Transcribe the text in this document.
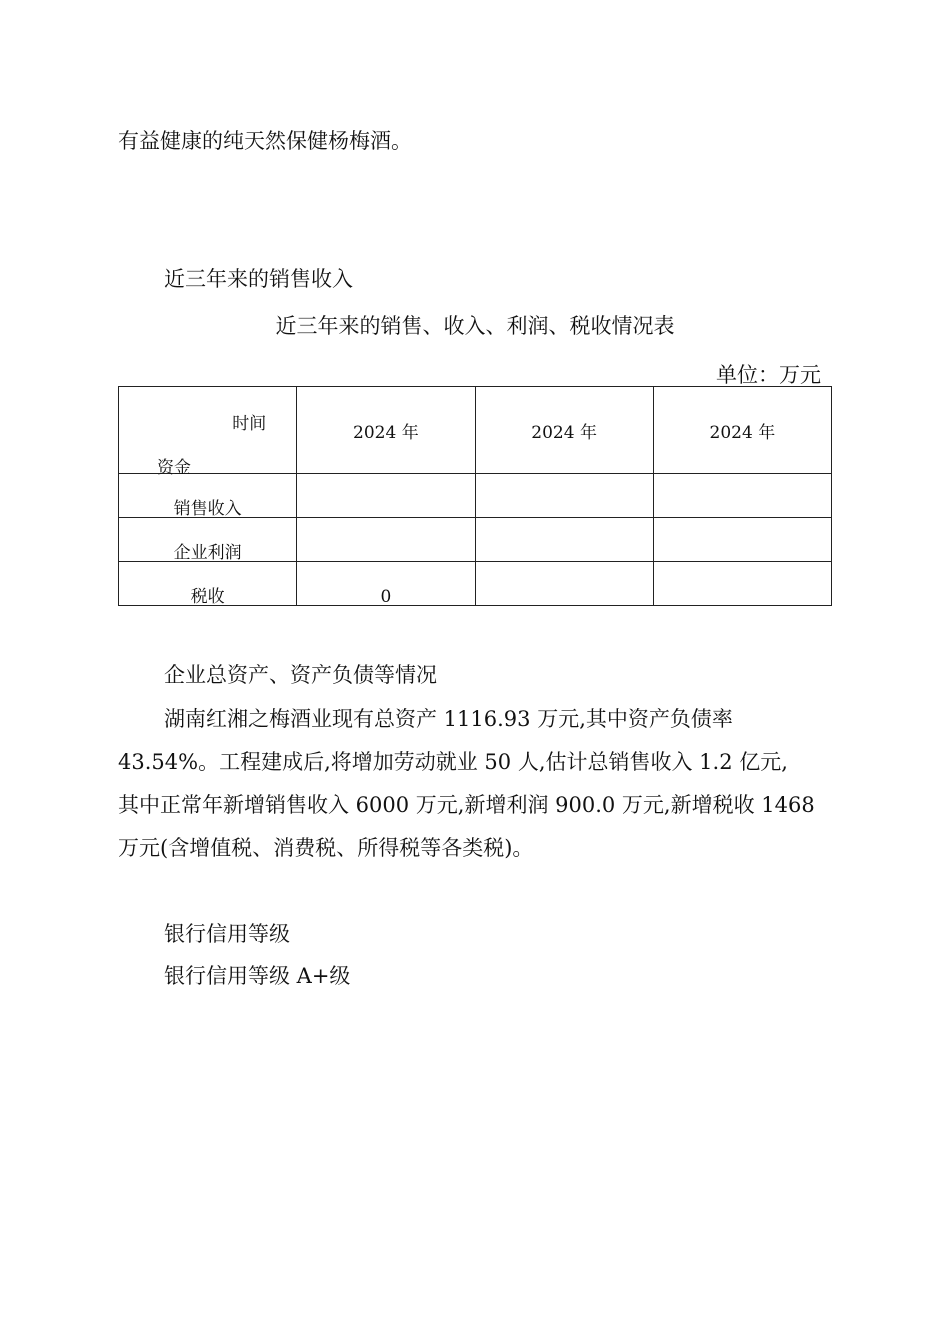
有益健康的纯天然保健杨梅酒。

近三年来的销售收入

近三年来的销售、收入、利润、税收情况表

单位：万元

时间
资金	2024 年	2024 年	2024 年

销售收入			

企业利润			

税收	0		

企业总资产、资产负债等情况

湖南红湘之梅酒业现有总资产 1116.93 万元,其中资产负债率

43.54%。工程建成后,将增加劳动就业 50 人,估计总销售收入 1.2 亿元,

其中正常年新增销售收入 6000 万元,新增利润 900.0 万元,新增税收 1468

万元(含增值税、消费税、所得税等各类税)。

银行信用等级

银行信用等级 A+级
